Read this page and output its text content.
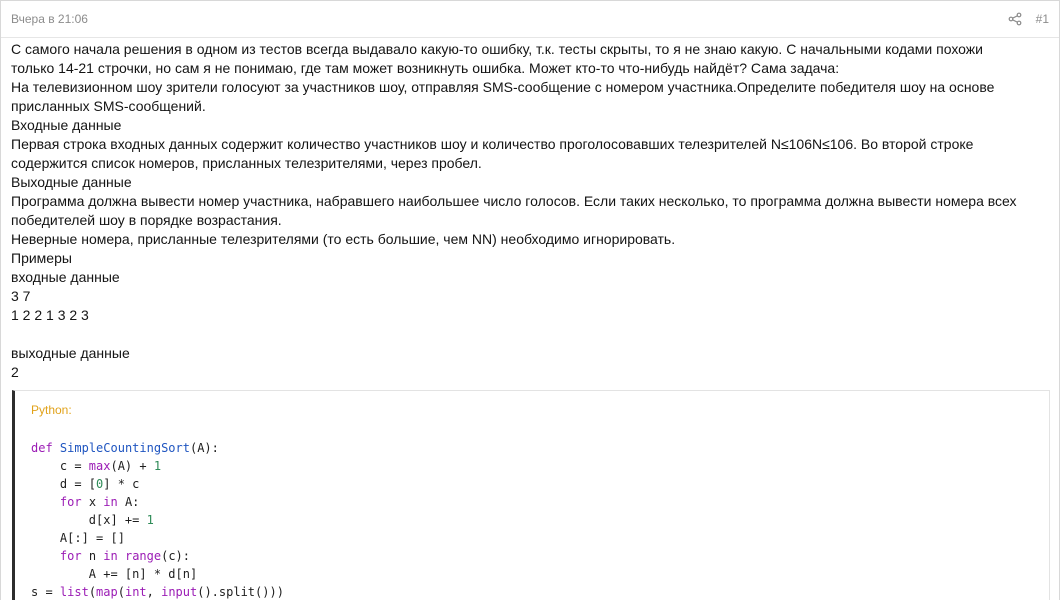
Вчера в 21:06	#1
С самого начала решения в одном из тестов всегда выдавало какую-то ошибку, т.к. тесты скрыты, то я не знаю какую. С начальными кодами похожи
только 14-21 строчки, но сам я не понимаю, где там может возникнуть ошибка. Может кто-то что-нибудь найдёт? Сама задача:
На телевизионном шоу зрители голосуют за участников шоу, отправляя SMS-сообщение с номером участника.Определите победителя шоу на основе
присланных SMS-сообщений.
Входные данные
Первая строка входных данных содержит количество участников шоу и количество проголосовавших телезрителей N≤106N≤106. Во второй строке
содержится список номеров, присланных телезрителями, через пробел.
Выходные данные
Программа должна вывести номер участника, набравшего наибольшее число голосов. Если таких несколько, то программа должна вывести номера всех
победителей шоу в порядке возрастания.
Неверные номера, присланные телезрителями (то есть большие, чем NN) необходимо игнорировать.
Примеры
входные данные
3 7
1 2 2 1 3 2 3
выходные данные
2
Python:
def SimpleCountingSort(A):
c = max(A) + 1
d = [0] * c
for x in A:
d[x] += 1
A[:] = []
for n in range(c):
A += [n] * d[n]
s = list(map(int, input().split()))
